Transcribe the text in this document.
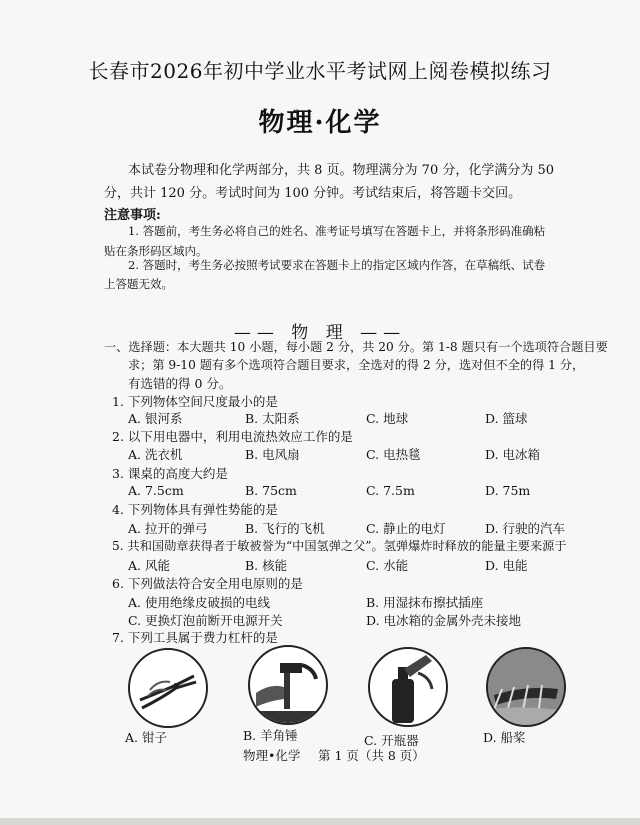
长春市2026年初中学业水平考试网上阅卷模拟练习
物理·化学
本试卷分物理和化学两部分，共 8 页。物理满分为 70 分，化学满分为 50
分，共计 120 分。考试时间为 100 分钟。考试结束后，将答题卡交回。
注意事项:
1. 答题前，考生务必将自己的姓名、准考证号填写在答题卡上，并将条形码准确粘
贴在条形码区域内。
2. 答题时，考生务必按照考试要求在答题卡上的指定区域内作答，在草稿纸、试卷
上答题无效。
—— 物 理 ——
一、选择题：本大题共 10 小题，每小题 2 分，共 20 分。第 1-8 题只有一个选项符合题目要
求；第 9-10 题有多个选项符合题目要求，全选对的得 2 分，选对但不全的得 1 分，
有选错的得 0 分。
1. 下列物体空间尺度最小的是
A. 银河系	B. 太阳系	C. 地球	D. 篮球
2. 以下用电器中，利用电流热效应工作的是
A. 洗衣机	B. 电风扇	C. 电热毯	D. 电冰箱
3. 课桌的高度大约是
A. 7.5cm	B. 75cm	C. 7.5m	D. 75m
4. 下列物体具有弹性势能的是
A. 拉开的弹弓	B. 飞行的飞机	C. 静止的电灯	D. 行驶的汽车
5. 共和国勋章获得者于敏被誉为“中国氢弹之父”。氢弹爆炸时释放的能量主要来源于
A. 风能	B. 核能	C. 水能	D. 电能
6. 下列做法符合安全用电原则的是
A. 使用绝缘皮破损的电线	B. 用湿抹布擦拭插座
C. 更换灯泡前断开电源开关	D. 电冰箱的金属外壳未接地
7. 下列工具属于费力杠杆的是
A. 钳子	B. 羊角锤	C. 开瓶器	D. 船桨
物理•化学 第 1 页（共 8 页）
